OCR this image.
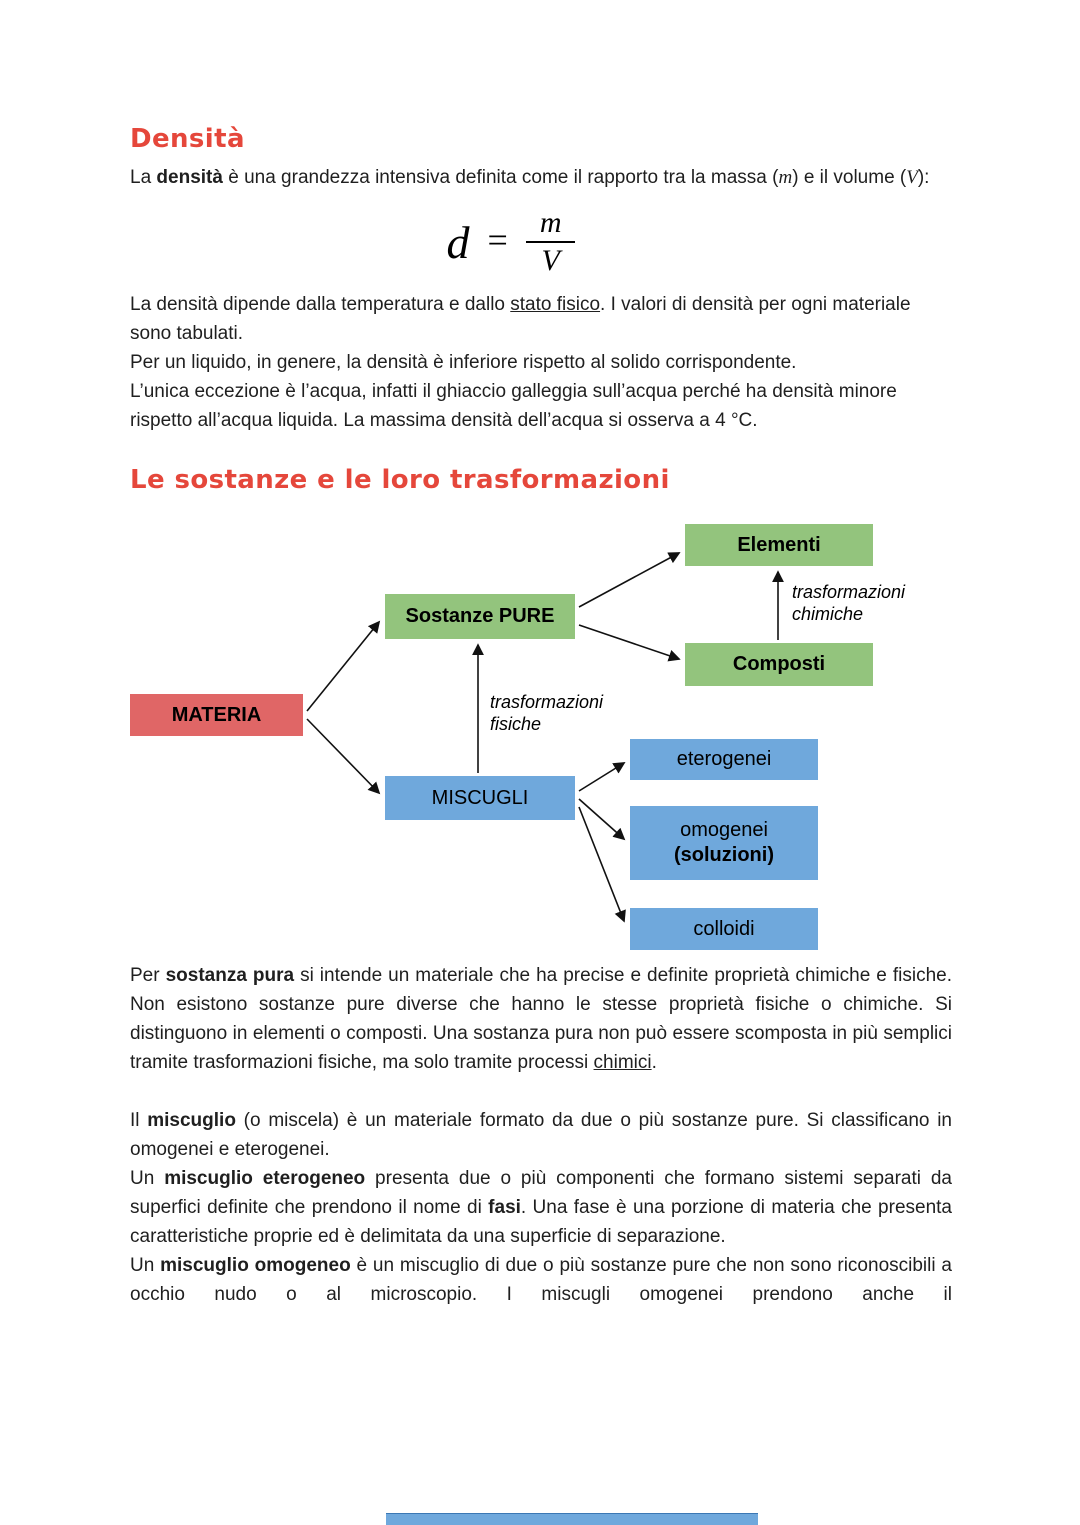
Densità

La densità è una grandezza intensiva definita come il rapporto tra la massa (m) e il volume (V):

$d = \frac{m}{V}$

La densità dipende dalla temperatura e dallo stato fisico. I valori di densità per ogni materiale sono tabulati.

Per un liquido, in genere, la densità è inferiore rispetto al solido corrispondente.

L’unica eccezione è l’acqua, infatti il ghiaccio galleggia sull’acqua perché ha densità minore rispetto all’acqua liquida. La massima densità dell’acqua si osserva a 4 °C.

Le sostanze e le loro trasformazioni
Elementi
Sostanze PURE
Composti
MATERIA
MISCUGLI
eterogenei
omogenei
(soluzioni)
colloidi
trasformazioni
chimiche
trasformazioni
fisiche

Per sostanza pura si intende un materiale che ha precise e definite proprietà chimiche e fisiche. Non esistono sostanze pure diverse che hanno le stesse proprietà fisiche o chimiche. Si distinguono in elementi o composti. Una sostanza pura non può essere scomposta in più semplici tramite trasformazioni fisiche, ma solo tramite processi chimici.

Il miscuglio (o miscela) è un materiale formato da due o più sostanze pure. Si classificano in omogenei e eterogenei.

Un miscuglio eterogeneo presenta due o più componenti che formano sistemi separati da superfici definite che prendono il nome di fasi. Una fase è una porzione di materia che presenta caratteristiche proprie ed è delimitata da una superficie di separazione.

Un miscuglio omogeneo è un miscuglio di due o più sostanze pure che non sono riconoscibili a occhio nudo o al microscopio. I miscugli omogenei prendono anche il
